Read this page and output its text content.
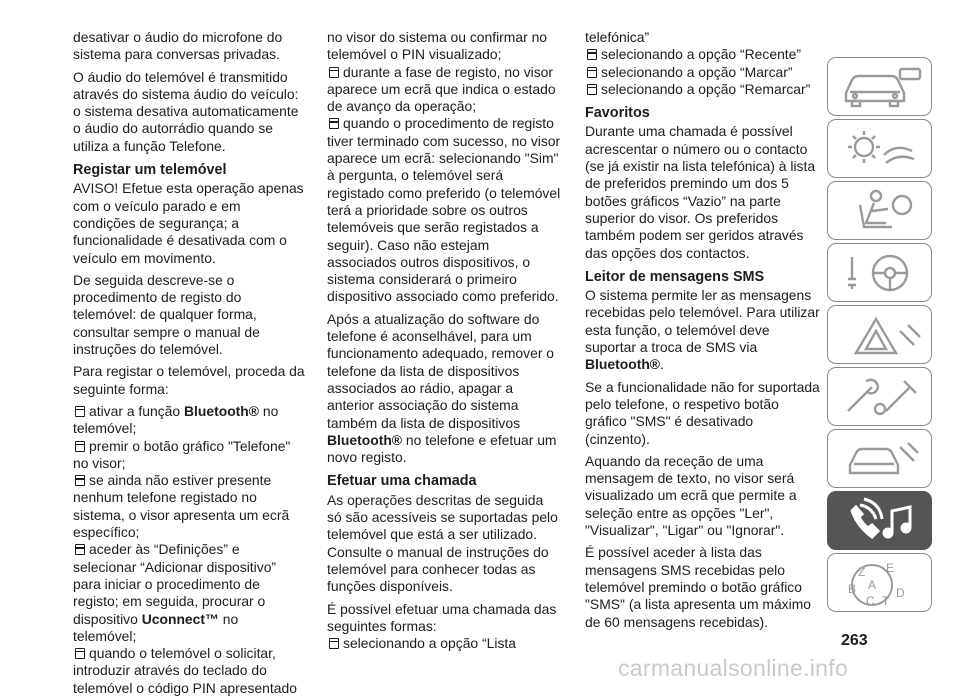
desativar o áudio do microfone do sistema para conversas privadas.

O áudio do telemóvel é transmitido através do sistema áudio do veículo: o sistema desativa automaticamente o áudio do autorrádio quando se utiliza a função Telefone.

Registar um telemóvel

AVISO! Efetue esta operação apenas com o veículo parado e em condições de segurança; a funcionalidade é desativada com o veículo em movimento.

De seguida descreve-se o procedimento de registo do telemóvel: de qualquer forma, consultar sempre o manual de instruções do telemóvel.

Para registar o telemóvel, proceda da seguinte forma:

ativar a função Bluetooth® no telemóvel;
premir o botão gráfico "Telefone" no visor;
se ainda não estiver presente nenhum telefone registado no sistema, o visor apresenta um ecrã específico;
aceder às “Definições” e selecionar “Adicionar dispositivo” para iniciar o procedimento de registo; em seguida, procurar o dispositivo Uconnect™ no telemóvel;
quando o telemóvel o solicitar, introduzir através do teclado do telemóvel o código PIN apresentado

no visor do sistema ou confirmar no telemóvel o PIN visualizado;

durante a fase de registo, no visor aparece um ecrã que indica o estado de avanço da operação;
quando o procedimento de registo tiver terminado com sucesso, no visor aparece um ecrã: selecionando "Sim" à pergunta, o telemóvel será registado como preferido (o telemóvel terá a prioridade sobre os outros telemóveis que serão registados a seguir). Caso não estejam associados outros dispositivos, o sistema considerará o primeiro dispositivo associado como preferido.

Após a atualização do software do telefone é aconselhável, para um funcionamento adequado, remover o telefone da lista de dispositivos associados ao rádio, apagar a anterior associação do sistema também da lista de dispositivos Bluetooth® no telefone e efetuar um novo registo.

Efetuar uma chamada

As operações descritas de seguida só são acessíveis se suportadas pelo telemóvel que está a ser utilizado. Consulte o manual de instruções do telemóvel para conhecer todas as funções disponíveis.

É possível efetuar uma chamada das seguintes formas:

selecionando a opção “Lista

telefónica”

selecionando a opção “Recente”
selecionando a opção “Marcar”
selecionando a opção “Remarcar”
Favoritos

Durante uma chamada é possível acrescentar o número ou o contacto (se já existir na lista telefónica) à lista de preferidos premindo um dos 5 botões gráficos “Vazio” na parte superior do visor. Os preferidos também podem ser geridos através das opções dos contactos.

Leitor de mensagens SMS

O sistema permite ler as mensagens recebidas pelo telemóvel. Para utilizar esta função, o telemóvel deve suportar a troca de SMS via Bluetooth®.

Se a funcionalidade não for suportada pelo telefone, o respetivo botão gráfico "SMS" é desativado (cinzento).

Aquando da receção de uma mensagem de texto, no visor será visualizado um ecrã que permite a seleção entre as opções "Ler", "Visualizar", "Ligar" ou "Ignorar".

É possível aceder à lista das mensagens SMS recebidas pelo telemóvel premindo o botão gráfico "SMS" (a lista apresenta um máximo de 60 mensagens recebidas).

Z E
B A
C
D
T
263
carmanualsonline.info
